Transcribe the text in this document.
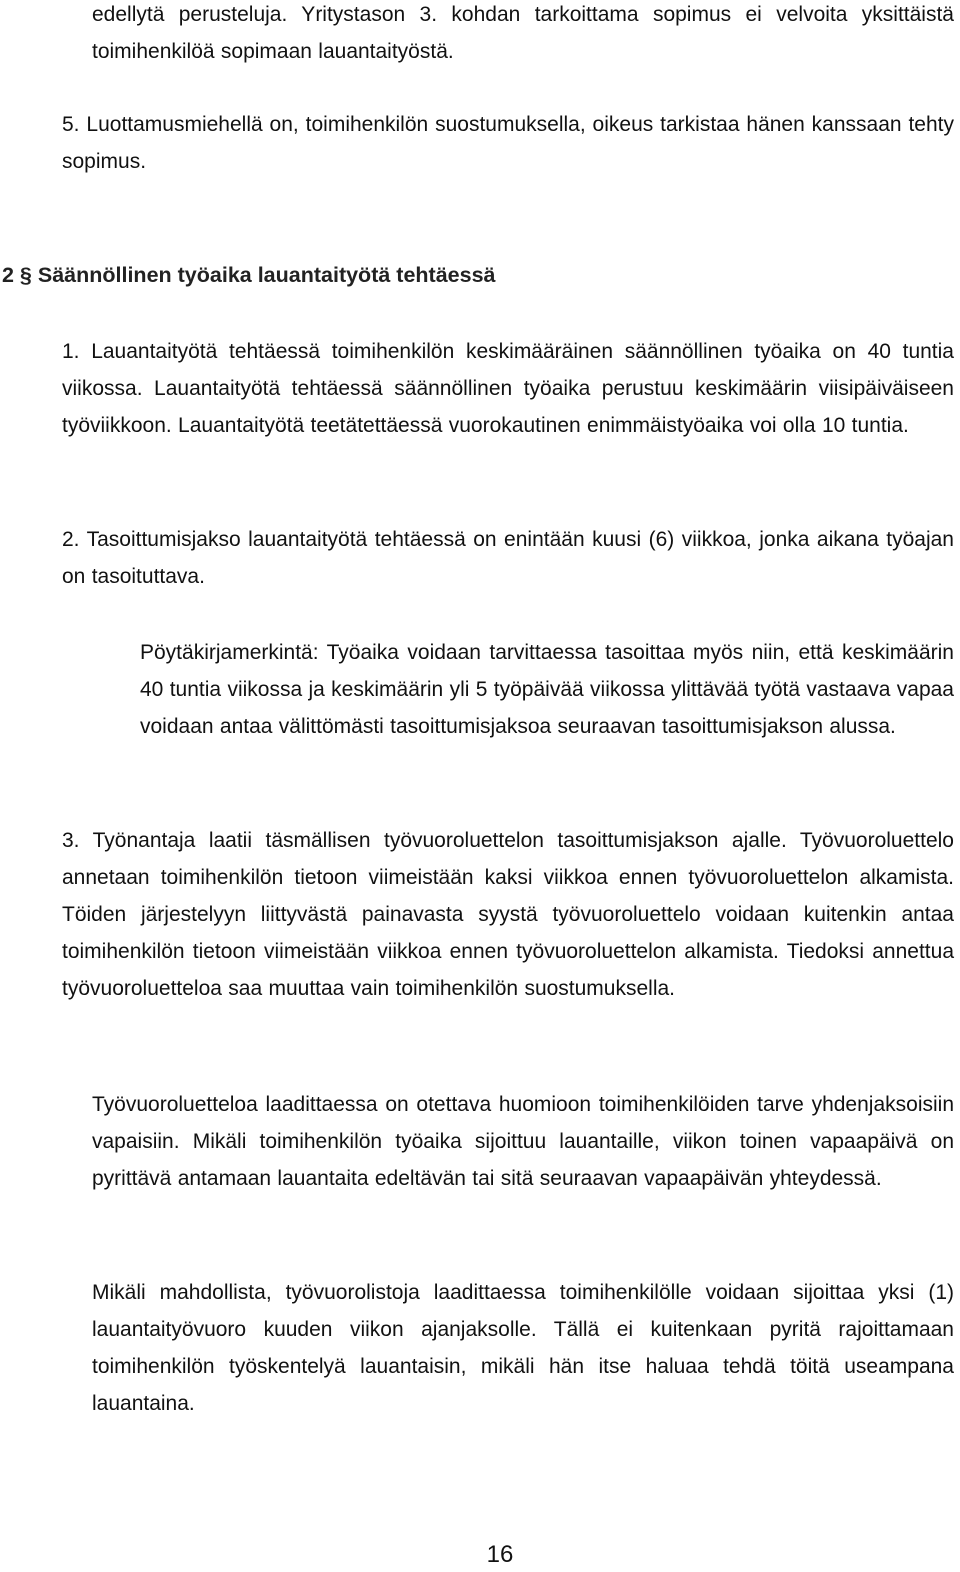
edellytä perusteluja. Yritystason 3. kohdan tarkoittama sopimus ei velvoita yksittäistä toimihenkilöä sopimaan lauantaityöstä.

5. Luottamusmiehellä on, toimihenkilön suostumuksella, oikeus tarkistaa hänen kanssaan tehty sopimus.

2 § Säännöllinen työaika lauantaityötä tehtäessä

1. Lauantaityötä tehtäessä toimihenkilön keskimääräinen säännöllinen työaika on 40 tuntia viikossa. Lauantaityötä tehtäessä säännöllinen työaika perustuu keskimäärin viisipäiväiseen työviikkoon. Lauantaityötä teetätettäessä vuorokautinen enimmäistyöaika voi olla 10 tuntia.

2. Tasoittumisjakso lauantaityötä tehtäessä on enintään kuusi (6) viikkoa, jonka aikana työajan on tasoituttava.

Pöytäkirjamerkintä: Työaika voidaan tarvittaessa tasoittaa myös niin, että keskimäärin 40 tuntia viikossa ja keskimäärin yli 5 työpäivää viikossa ylittävää työtä vastaava vapaa voidaan antaa välittömästi tasoittumisjaksoa seuraavan tasoittumisjakson alussa.

3. Työnantaja laatii täsmällisen työvuoroluettelon tasoittumisjakson ajalle. Työvuoroluettelo annetaan toimihenkilön tietoon viimeistään kaksi viikkoa ennen työvuoroluettelon alkamista. Töiden järjestelyyn liittyvästä painavasta syystä työvuoroluettelo voidaan kuitenkin antaa toimihenkilön tietoon viimeistään viikkoa ennen työvuoroluettelon alkamista. Tiedoksi annettua työvuoroluetteloa saa muuttaa vain toimihenkilön suostumuksella.

Työvuoroluetteloa laadittaessa on otettava huomioon toimihenkilöiden tarve yhdenjaksoisiin vapaisiin. Mikäli toimihenkilön työaika sijoittuu lauantaille, viikon toinen vapaapäivä on pyrittävä antamaan lauantaita edeltävän tai sitä seuraavan vapaapäivän yhteydessä.

Mikäli mahdollista, työvuorolistoja laadittaessa toimihenkilölle voidaan sijoittaa yksi (1) lauantaityövuoro kuuden viikon ajanjaksolle. Tällä ei kuitenkaan pyritä rajoittamaan toimihenkilön työskentelyä lauantaisin, mikäli hän itse haluaa tehdä töitä useampana lauantaina.

16
